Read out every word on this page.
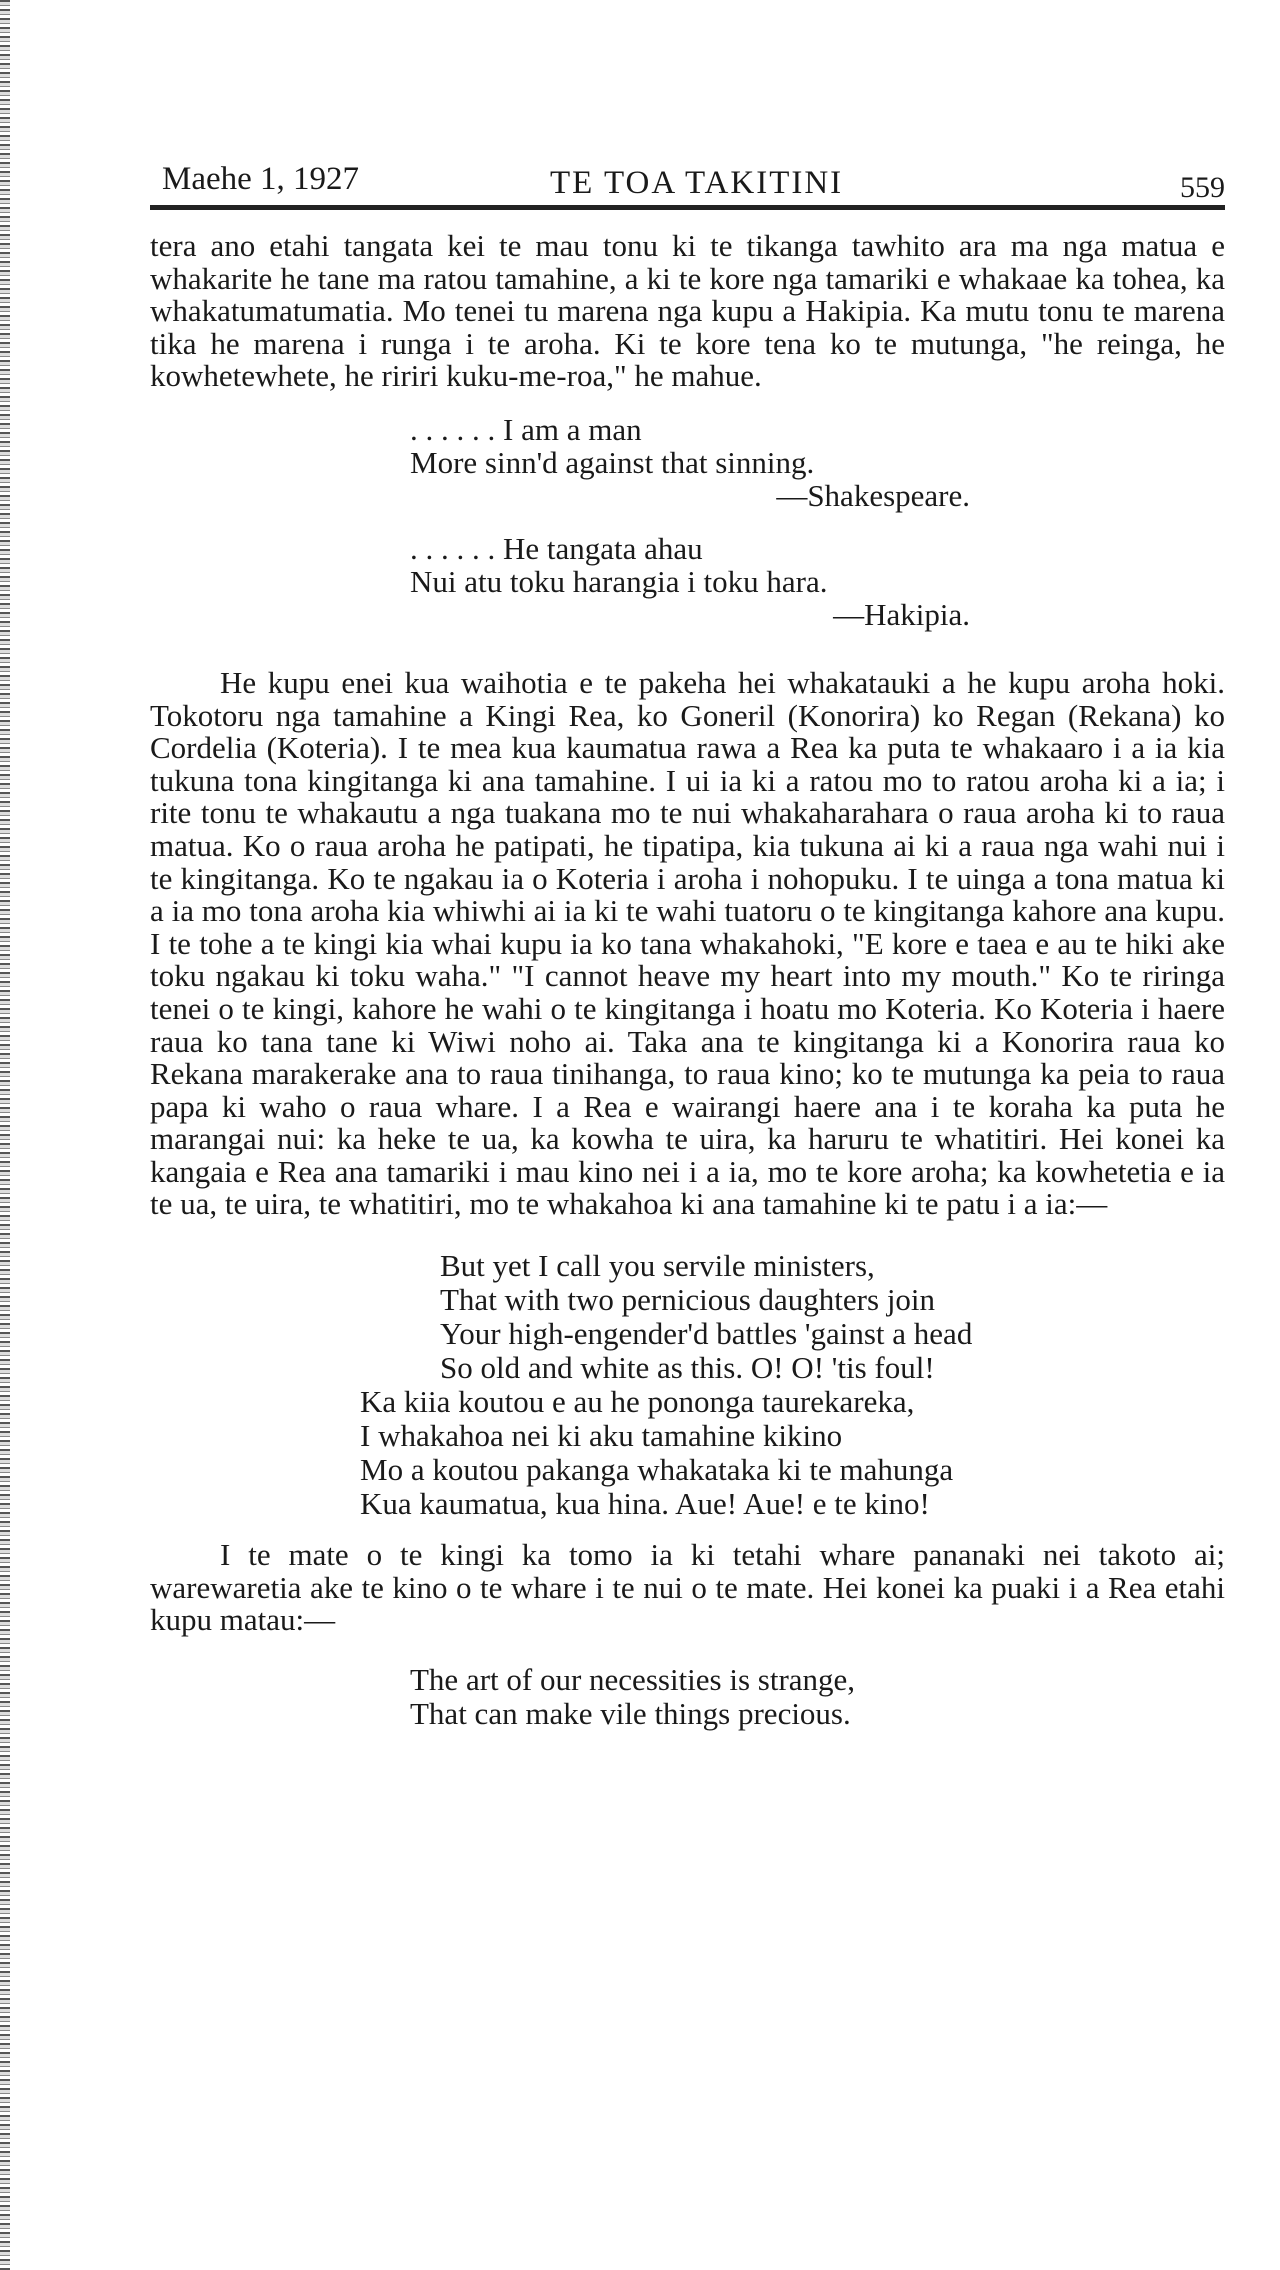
Maehe 1, 1927	TE TOA TAKITINI	559

tera ano etahi tangata kei te mau tonu ki te tikanga tawhito ara ma nga matua e whakarite he tane ma ratou tamahine, a ki te kore nga tamariki e whakaae ka tohea, ka whakatumatumatia. Mo tenei tu marena nga kupu a Hakipia. Ka mutu tonu te marena tika he marena i runga i te aroha. Ki te kore tena ko te mutunga, "he reinga, he kowhetewhete, he ririri kuku-me-roa," he mahue.

. . . . . . I am a man
More sinn'd against that sinning.
—Shakespeare.
. . . . . . He tangata ahau
Nui atu toku harangia i toku hara.
—Hakipia.

He kupu enei kua waihotia e te pakeha hei whakatauki a he kupu aroha hoki. Tokotoru nga tamahine a Kingi Rea, ko Goneril (Konorira) ko Regan (Rekana) ko Cordelia (Koteria). I te mea kua kaumatua rawa a Rea ka puta te whakaaro i a ia kia tukuna tona kingitanga ki ana tamahine. I ui ia ki a ratou mo to ratou aroha ki a ia; i rite tonu te whakautu a nga tuakana mo te nui whakaharahara o raua aroha ki to raua matua. Ko o raua aroha he patipati, he tipatipa, kia tukuna ai ki a raua nga wahi nui i te kingitanga. Ko te ngakau ia o Koteria i aroha i nohopuku. I te uinga a tona matua ki a ia mo tona aroha kia whiwhi ai ia ki te wahi tuatoru o te kingitanga kahore ana kupu. I te tohe a te kingi kia whai kupu ia ko tana whakahoki, "E kore e taea e au te hiki ake toku ngakau ki toku waha." "I cannot heave my heart into my mouth." Ko te riringa tenei o te kingi, kahore he wahi o te kingitanga i hoatu mo Koteria. Ko Koteria i haere raua ko tana tane ki Wiwi noho ai. Taka ana te kingitanga ki a Konorira raua ko Rekana marakerake ana to raua tinihanga, to raua kino; ko te mutunga ka peia to raua papa ki waho o raua whare. I a Rea e wairangi haere ana i te koraha ka puta he marangai nui: ka heke te ua, ka kowha te uira, ka haruru te whatitiri. Hei konei ka kangaia e Rea ana tamariki i mau kino nei i a ia, mo te kore aroha; ka kowhetetia e ia te ua, te uira, te whatitiri, mo te whakahoa ki ana tamahine ki te patu i a ia:—

But yet I call you servile ministers,
That with two pernicious daughters join
Your high-engender'd battles 'gainst a head
So old and white as this. O! O! 'tis foul!
Ka kiia koutou e au he pononga taurekareka,
I whakahoa nei ki aku tamahine kikino
Mo a koutou pakanga whakataka ki te mahunga
Kua kaumatua, kua hina. Aue! Aue! e te kino!

I te mate o te kingi ka tomo ia ki tetahi whare pananaki nei takoto ai; warewaretia ake te kino o te whare i te nui o te mate. Hei konei ka puaki i a Rea etahi kupu matau:—

The art of our necessities is strange,
That can make vile things precious.
